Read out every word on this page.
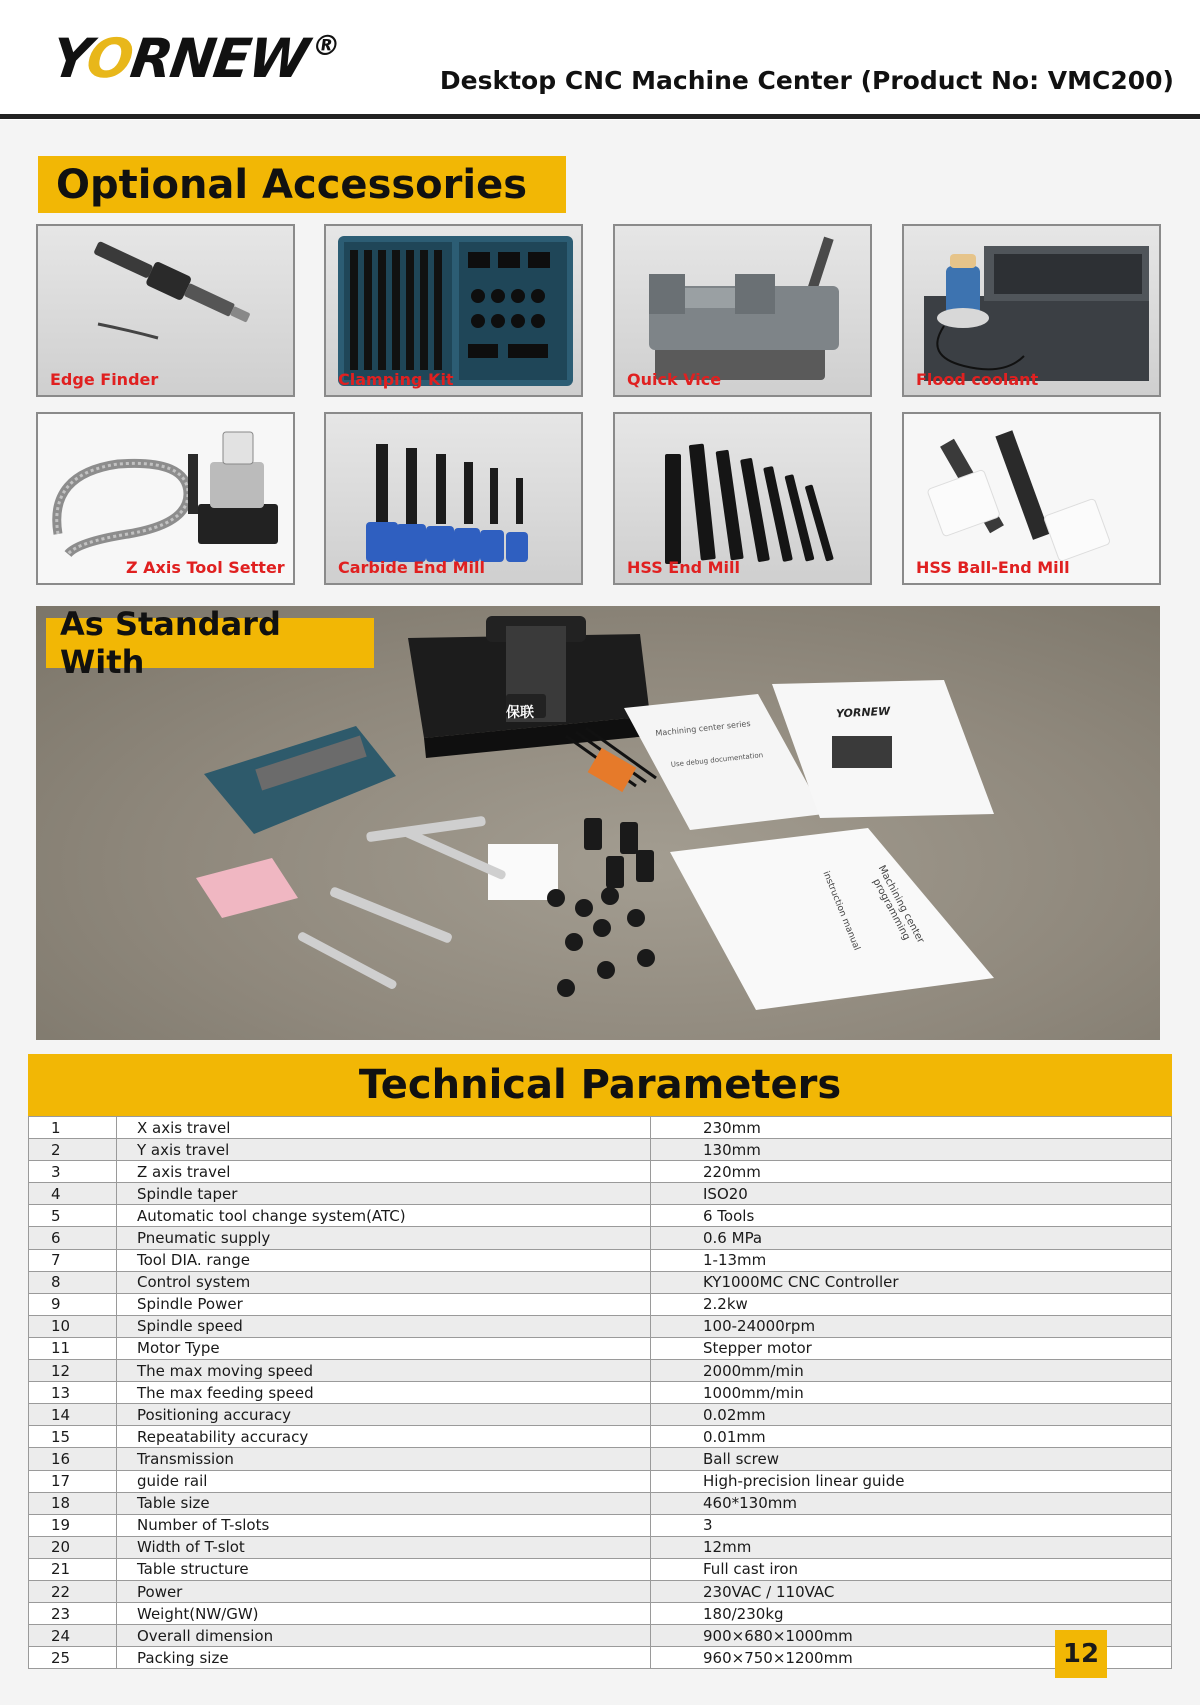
YORNEW®
Desktop CNC Machine Center (Product No: VMC200)
Optional Accessories
Edge Finder	Clamping Kit	Quick Vice	Flood coolant
Z Axis Tool Setter	Carbide End Mill	HSS End Mill	HSS Ball-End Mill
As Standard With
保联
Machining center series
Use debug documentation
YORNEW
Machining center programming
instruction manual
Technical Parameters
1	X axis travel	230mm
2	Y axis travel	130mm
3	Z axis travel	220mm
4	Spindle taper	ISO20
5	Automatic tool change system(ATC)	6 Tools
6	Pneumatic supply	0.6 MPa
7	Tool DIA. range	1-13mm
8	Control system	KY1000MC CNC Controller
9	Spindle Power	2.2kw
10	Spindle speed	100-24000rpm
11	Motor Type	Stepper motor
12	The max moving speed	2000mm/min
13	The max feeding speed	1000mm/min
14	Positioning accuracy	0.02mm
15	Repeatability accuracy	0.01mm
16	Transmission	Ball screw
17	guide rail	High-precision linear guide
18	Table size	460*130mm
19	Number of T-slots	3
20	Width of T-slot	12mm
21	Table structure	Full cast iron
22	Power	230VAC / 110VAC
23	Weight(NW/GW)	180/230kg
24	Overall dimension	900×680×1000mm
25	Packing size	960×750×1200mm	12
